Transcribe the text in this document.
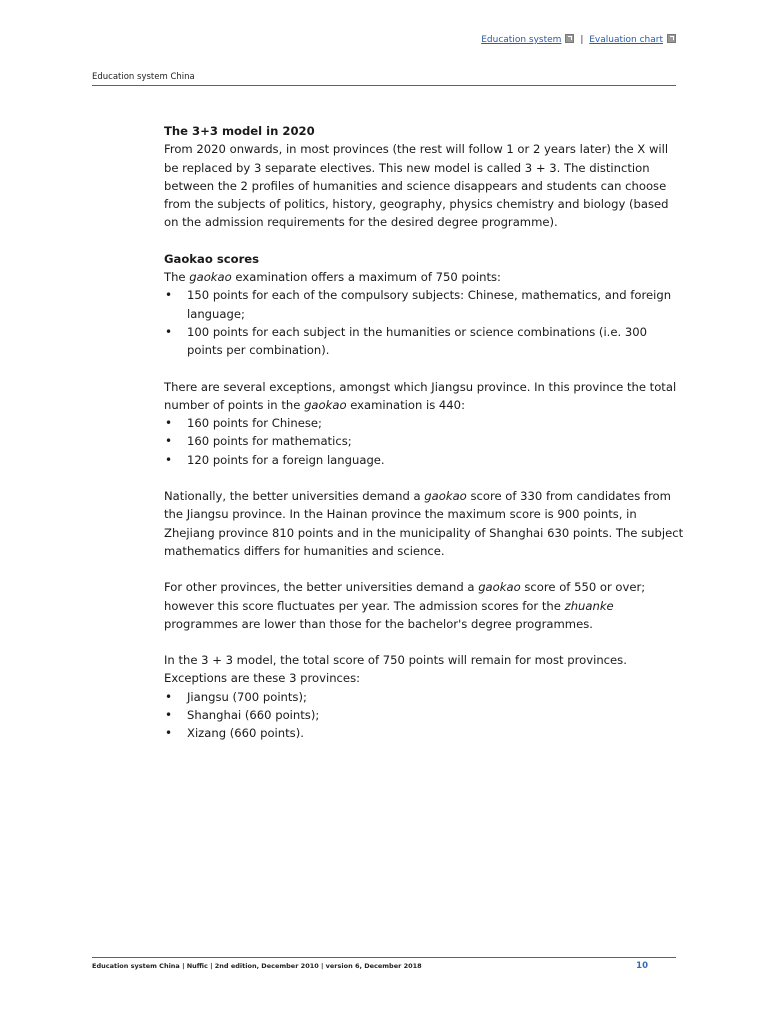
Education system | Evaluation chart
Education system China
The 3+3 model in 2020

From 2020 onwards, in most provinces (the rest will follow 1 or 2 years later) the X will be replaced by 3 separate electives. This new model is called 3 + 3. The distinction between the 2 profiles of humanities and science disappears and students can choose from the subjects of politics, history, geography, physics chemistry and biology (based on the admission requirements for the desired degree programme).

Gaokao scores

The gaokao examination offers a maximum of 750 points:

• 150 points for each of the compulsory subjects: Chinese, mathematics, and foreign language;
• 100 points for each subject in the humanities or science combinations (i.e. 300 points per combination).

There are several exceptions, amongst which Jiangsu province. In this province the total number of points in the gaokao examination is 440:

• 160 points for Chinese;
• 160 points for mathematics;
• 120 points for a foreign language.

Nationally, the better universities demand a gaokao score of 330 from candidates from the Jiangsu province. In the Hainan province the maximum score is 900 points, in Zhejiang province 810 points and in the municipality of Shanghai 630 points. The subject mathematics differs for humanities and science.

For other provinces, the better universities demand a gaokao score of 550 or over; however this score fluctuates per year. The admission scores for the zhuanke programmes are lower than those for the bachelor's degree programmes.

In the 3 + 3 model, the total score of 750 points will remain for most provinces. Exceptions are these 3 provinces:

• Jiangsu (700 points);
• Shanghai (660 points);
• Xizang (660 points).
Education system China | Nuffic | 2nd edition, December 2010 | version 6, December 2018	10
